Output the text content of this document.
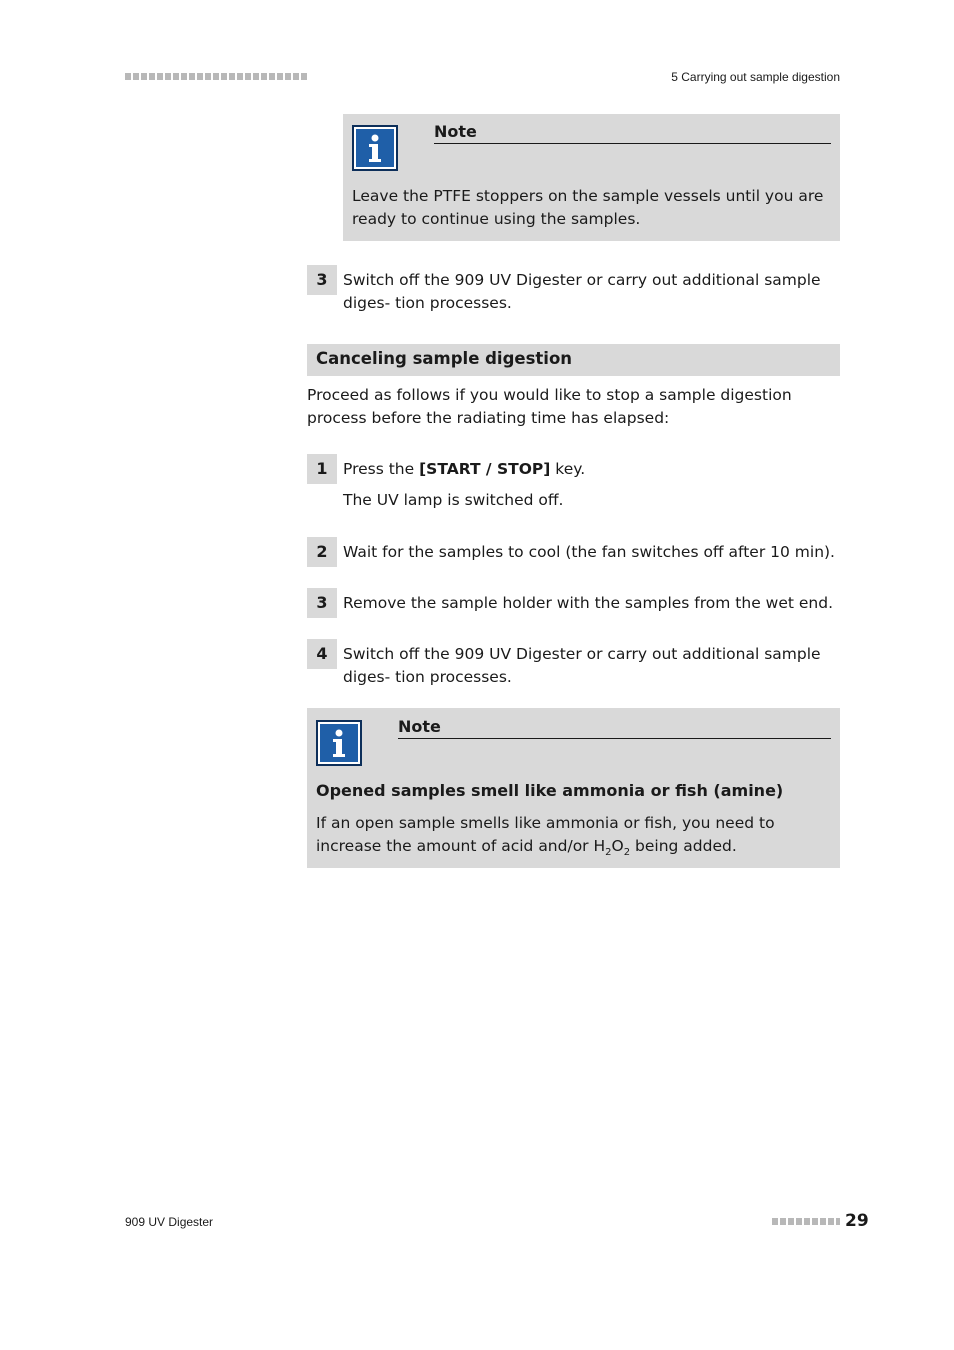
5 Carrying out sample digestion
Note
Leave the PTFE stoppers on the sample vessels until you are ready to continue using the samples.
3 Switch off the 909 UV Digester or carry out additional sample diges- tion processes.
Canceling sample digestion
Proceed as follows if you would like to stop a sample digestion process before the radiating time has elapsed:
1 Press the [START / STOP] key.
The UV lamp is switched off.
2 Wait for the samples to cool (the fan switches off after 10 min).
3 Remove the sample holder with the samples from the wet end.
4 Switch off the 909 UV Digester or carry out additional sample diges- tion processes.
Note
Opened samples smell like ammonia or fish (amine)
If an open sample smells like ammonia or fish, you need to increase the amount of acid and/or $H_2O_2$ being added.
909 UV Digester	29
